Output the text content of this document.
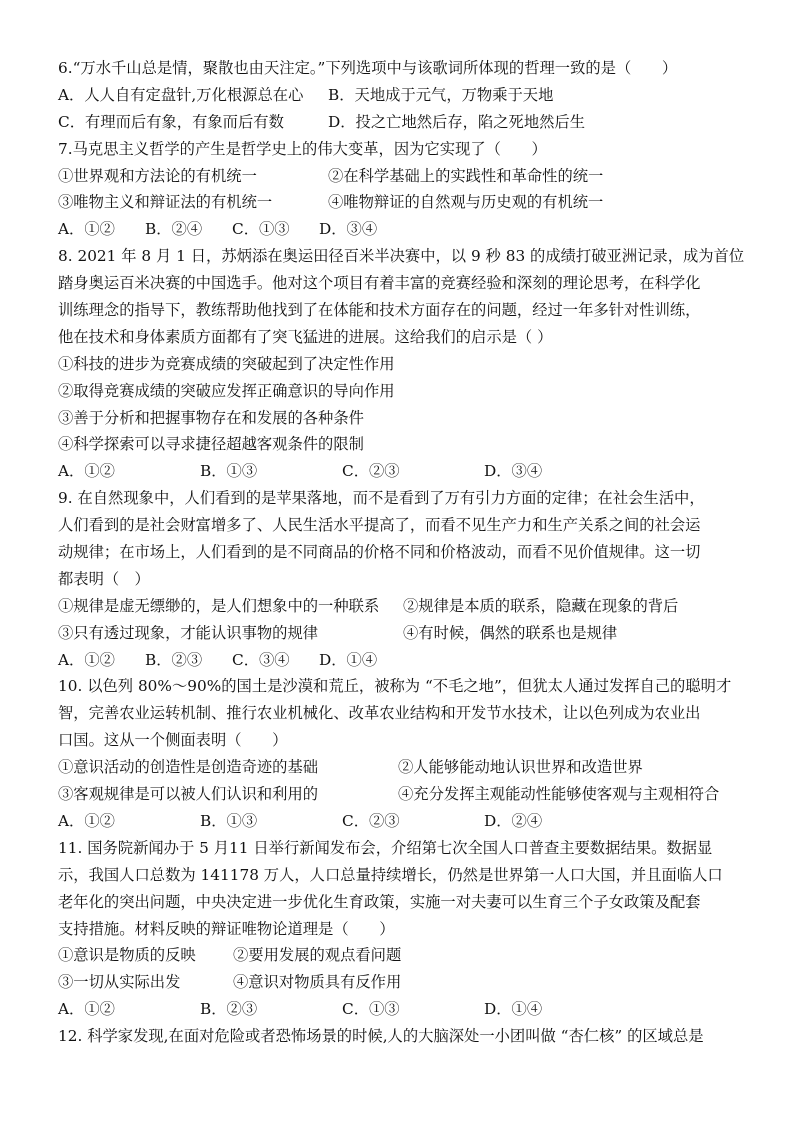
6.“万水千山总是情，聚散也由天注定。”下列选项中与该歌词所体现的哲理一致的是（　　）
A．人人自有定盘针,万化根源总在心	B．天地成于元气，万物乘于天地
C．有理而后有象，有象而后有数	D．投之亡地然后存，陷之死地然后生
7.马克思主义哲学的产生是哲学史上的伟大变革，因为它实现了（　　）
①世界观和方法论的有机统一	②在科学基础上的实践性和革命性的统一
③唯物主义和辩证法的有机统一	④唯物辩证的自然观与历史观的有机统一
A．①②	B．②④	C．①③	D．③④
8. 2021 年 8 月 1 日，苏炳添在奥运田径百米半决赛中，以 9 秒 83 的成绩打破亚洲记录，成为首位
踏身奥运百米决赛的中国选手。他对这个项目有着丰富的竞赛经验和深刻的理论思考，在科学化
训练理念的指导下，教练帮助他找到了在体能和技术方面存在的问题，经过一年多针对性训练，
他在技术和身体素质方面都有了突飞猛进的进展。这给我们的启示是（ ）
①科技的进步为竞赛成绩的突破起到了决定性作用
②取得竞赛成绩的突破应发挥正确意识的导向作用
③善于分析和把握事物存在和发展的各种条件
④科学探索可以寻求捷径超越客观条件的限制
A．①②	B．①③	C．②③	D．③④
9. 在自然现象中，人们看到的是苹果落地，而不是看到了万有引力方面的定律；在社会生活中，
人们看到的是社会财富增多了、人民生活水平提高了，而看不见生产力和生产关系之间的社会运
动规律；在市场上，人们看到的是不同商品的价格不同和价格波动，而看不见价值规律。这一切
都表明（　）
①规律是虚无缥缈的，是人们想象中的一种联系	②规律是本质的联系，隐藏在现象的背后
③只有透过现象，才能认识事物的规律	④有时候，偶然的联系也是规律
A．①②	B．②③	C．③④	D．①④
10. 以色列 80%～90%的国土是沙漠和荒丘，被称为 “不毛之地”，但犹太人通过发挥自己的聪明才
智，完善农业运转机制、推行农业机械化、改革农业结构和开发节水技术，让以色列成为农业出
口国。这从一个侧面表明（　　）
①意识活动的创造性是创造奇迹的基础	②人能够能动地认识世界和改造世界
③客观规律是可以被人们认识和利用的	④充分发挥主观能动性能够使客观与主观相符合
A．①②	B．①③	C．②③	D．②④
11. 国务院新闻办于 5 月11 日举行新闻发布会，介绍第七次全国人口普查主要数据结果。数据显
示，我国人口总数为 141178 万人，人口总量持续增长，仍然是世界第一人口大国，并且面临人口
老年化的突出问题，中央决定进一步优化生育政策，实施一对夫妻可以生育三个子女政策及配套
支持措施。材料反映的辩证唯物论道理是（　　）
①意识是物质的反映	②要用发展的观点看问题
③一切从实际出发	④意识对物质具有反作用
A．①②	B．②③	C．①③	D．①④
12. 科学家发现,在面对危险或者恐怖场景的时候,人的大脑深处一小团叫做 “杏仁核” 的区域总是
